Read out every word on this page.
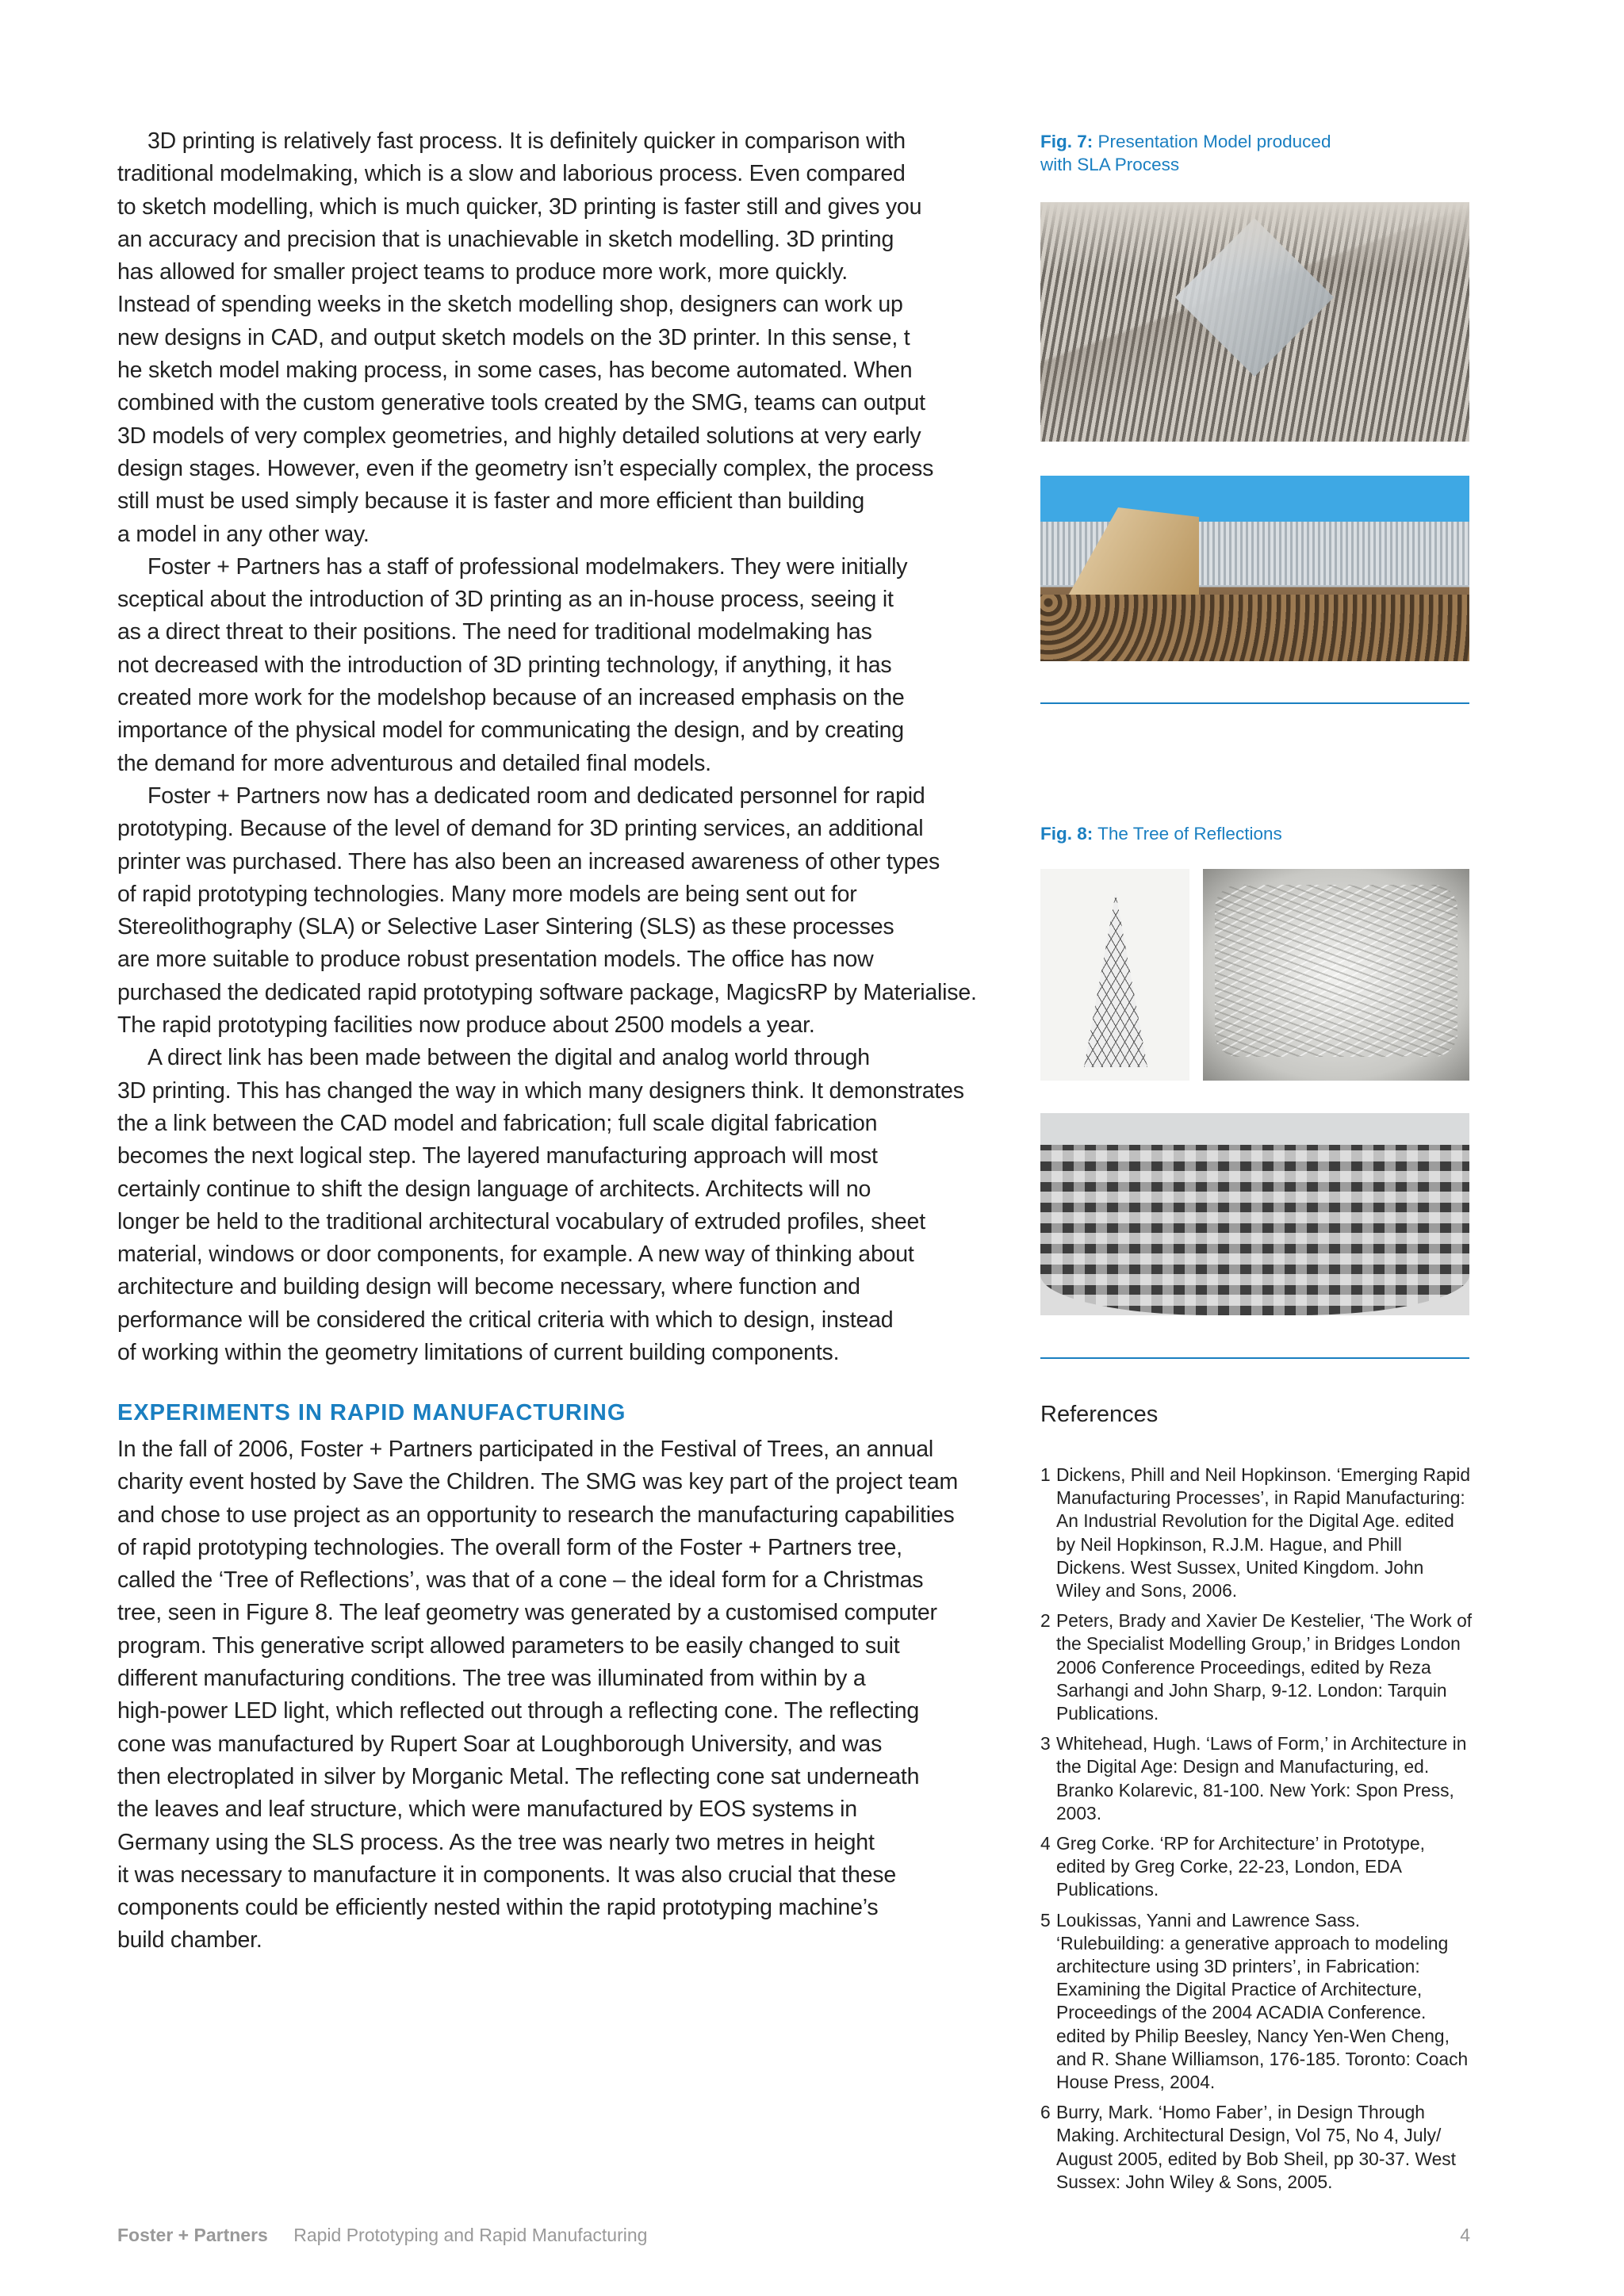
3D printing is relatively fast process. It is definitely quicker in comparison with
traditional modelmaking, which is a slow and laborious process. Even compared
to sketch modelling, which is much quicker, 3D printing is faster still and gives you
an accuracy and precision that is unachievable in sketch modelling. 3D printing
has allowed for smaller project teams to produce more work, more quickly.
Instead of spending weeks in the sketch modelling shop, designers can work up
new designs in CAD, and output sketch models on the 3D printer. In this sense, t
he sketch model making process, in some cases, has become automated. When
combined with the custom generative tools created by the SMG, teams can output
3D models of very complex geometries, and highly detailed solutions at very early
design stages. However, even if the geometry isn’t especially complex, the process
still must be used simply because it is faster and more efficient than building
a model in any other way.
Foster + Partners has a staff of professional modelmakers. They were initially
sceptical about the introduction of 3D printing as an in-house process, seeing it
as a direct threat to their positions. The need for traditional modelmaking has
not decreased with the introduction of 3D printing technology, if anything, it has
created more work for the modelshop because of an increased emphasis on the
importance of the physical model for communicating the design, and by creating
the demand for more adventurous and detailed final models.
Foster + Partners now has a dedicated room and dedicated personnel for rapid
prototyping. Because of the level of demand for 3D printing services, an additional
printer was purchased. There has also been an increased awareness of other types
of rapid prototyping technologies. Many more models are being sent out for
Stereolithography (SLA) or Selective Laser Sintering (SLS) as these processes
are more suitable to produce robust presentation models. The office has now
purchased the dedicated rapid prototyping software package, MagicsRP by Materialise.
The rapid prototyping facilities now produce about 2500 models a year.
A direct link has been made between the digital and analog world through
3D printing. This has changed the way in which many designers think. It demonstrates
the a link between the CAD model and fabrication; full scale digital fabrication
becomes the next logical step. The layered manufacturing approach will most
certainly continue to shift the design language of architects. Architects will no
longer be held to the traditional architectural vocabulary of extruded profiles, sheet
material, windows or door components, for example. A new way of thinking about
architecture and building design will become necessary, where function and
performance will be considered the critical criteria with which to design, instead
of working within the geometry limitations of current building components.
EXPERIMENTS IN RAPID MANUFACTURING
In the fall of 2006, Foster + Partners participated in the Festival of Trees, an annual
charity event hosted by Save the Children. The SMG was key part of the project team
and chose to use project as an opportunity to research the manufacturing capabilities
of rapid prototyping technologies. The overall form of the Foster + Partners tree,
called the ‘Tree of Reflections’, was that of a cone – the ideal form for a Christmas
tree, seen in Figure 8. The leaf geometry was generated by a customised computer
program. This generative script allowed parameters to be easily changed to suit
different manufacturing conditions. The tree was illuminated from within by a
high-power LED light, which reflected out through a reflecting cone. The reflecting
cone was manufactured by Rupert Soar at Loughborough University, and was
then electroplated in silver by Morganic Metal. The reflecting cone sat underneath
the leaves and leaf structure, which were manufactured by EOS systems in
Germany using the SLS process. As the tree was nearly two metres in height
it was necessary to manufacture it in components. It was also crucial that these
components could be efficiently nested within the rapid prototyping machine’s
build chamber.
Fig. 7: Presentation Model produced
with SLA Process
Fig. 8: The Tree of Reflections
References
1 Dickens, Phill and Neil Hopkinson. ‘Emerging Rapid Manufacturing Processes’, in Rapid Manufacturing: An Industrial Revolution for the Digital Age. edited by Neil Hopkinson, R.J.M. Hague, and Phill Dickens. West Sussex, United Kingdom. John Wiley and Sons, 2006.
2 Peters, Brady and Xavier De Kestelier, ‘The Work of the Specialist Modelling Group,’ in Bridges London 2006 Conference Proceedings, edited by Reza Sarhangi and John Sharp, 9-12. London: Tarquin Publications.
3 Whitehead, Hugh. ‘Laws of Form,’ in Architecture in the Digital Age: Design and Manufacturing, ed. Branko Kolarevic, 81-100. New York: Spon Press, 2003.
4 Greg Corke. ‘RP for Architecture’ in Prototype, edited by Greg Corke, 22-23, London, EDA Publications.
5 Loukissas, Yanni and Lawrence Sass. ‘Rulebuilding: a generative approach to modeling architecture using 3D printers’, in Fabrication: Examining the Digital Practice of Architecture, Proceedings of the 2004 ACADIA Conference. edited by Philip Beesley, Nancy Yen-Wen Cheng, and R. Shane Williamson, 176-185. Toronto: Coach House Press, 2004.
6 Burry, Mark. ‘Homo Faber’, in Design Through Making. Architectural Design, Vol 75, No 4, July/ August 2005, edited by Bob Sheil, pp 30-37. West Sussex: John Wiley & Sons, 2005.
Foster + Partners Rapid Prototyping and Rapid Manufacturing	4
